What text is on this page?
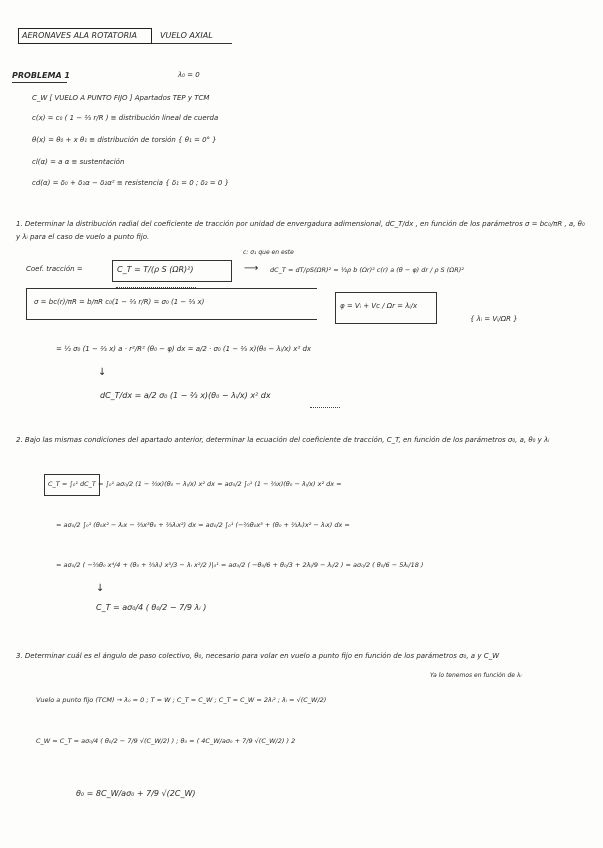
AERONAVES ALA ROTATORIA	VUELO AXIAL
λ₀ = 0
PROBLEMA 1
C_W [ VUELO A PUNTO FIJO ] Apartados TEP y TCM
c(x) = c₀ ( 1 − ⅔ r/R ) ≡ distribución lineal de cuerda
θ(x) = θ₀ + x θ₁ ≡ distribución de torsión { θ₁ = 0° }
cl(α) = a α ≡ sustentación
cd(α) = δ₀ + δ₁α − δ₂α² ≡ resistencia { δ₁ = 0 ; δ₂ = 0 }
1. Determinar la distribución radial del coeficiente de tracción por unidad de envergadura adimensional, dC_T/dx , en función de los parámetros σ = bc₀/πR , a, θ₀ y λᵢ para el caso de vuelo a punto fijo.
c: σ₁ que en este
Coef. tracción =	C_T = T/(ρ S (ΩR)²)	⟶ dC_T = dT/ρS(ΩR)² = ½ρ b (Ωr)² c(r) a (θ − φ) dr / ρ S (ΩR)²
σ = bc(r)/πR = b/πR c₀(1 − ⅔ r/R) = σ₀ (1 − ⅔ x)	φ = Vᵢ + Vc / Ωr = λᵢ/x
{ λᵢ = Vᵢ/ΩR }
= ½ σ₀ (1 − ⅔ x) a · r²/R² (θ₀ − φ) dx = a/2 · σ₀ (1 − ⅔ x)(θ₀ − λᵢ/x) x² dx
↓
dC_T/dx = a/2 σ₀ (1 − ⅔ x)(θ₀ − λᵢ/x) x² dx
2. Bajo las mismas condiciones del apartado anterior, determinar la ecuación del coeficiente de tracción, C_T, en función de los parámetros σ₀, a, θ₀ y λᵢ
C_T = ∫₀¹ dC_T = ∫₀¹ aσ₀/2 (1 − ⅔x)(θ₀ − λᵢ/x) x² dx = aσ₀/2 ∫₀¹ (1 − ⅔x)(θ₀ − λᵢ/x) x² dx =
= aσ₀/2 ∫₀¹ (θ₀x² − λᵢx − ⅔x³θ₀ + ⅔λᵢx²) dx = aσ₀/2 ∫₀¹ (−⅔θ₀x³ + (θ₀ + ⅔λᵢ)x² − λᵢx) dx =
= aσ₀/2 ( −⅔θ₀ x⁴/4 + (θ₀ + ⅔λᵢ) x³/3 − λᵢ x²/2 )|₀¹ = aσ₀/2 ( −θ₀/6 + θ₀/3 + 2λᵢ/9 − λᵢ/2 ) = aσ₀/2 ( θ₀/6 − 5λᵢ/18 )
↓
C_T = aσ₀/4 ( θ₀/2 − 7/9 λᵢ )
3. Determinar cuál es el ángulo de paso colectivo, θ₀, necesario para volar en vuelo a punto fijo en función de los parámetros σ₀, a y C_W
Ya lo tenemos en función de λᵢ
Vuelo a punto fijo (TCM) → λ₀ = 0 ; T = W ; C_T = C_W ; C_T = C_W = 2λᵢ² ; λᵢ = √(C_W/2)
C_W = C_T = aσ₀/4 ( θ₀/2 − 7/9 √(C_W/2) ) ; θ₀ = ( 4C_W/aσ₀ + 7/9 √(C_W/2) ) 2
θ₀ = 8C_W/aσ₀ + 7/9 √(2C_W)
